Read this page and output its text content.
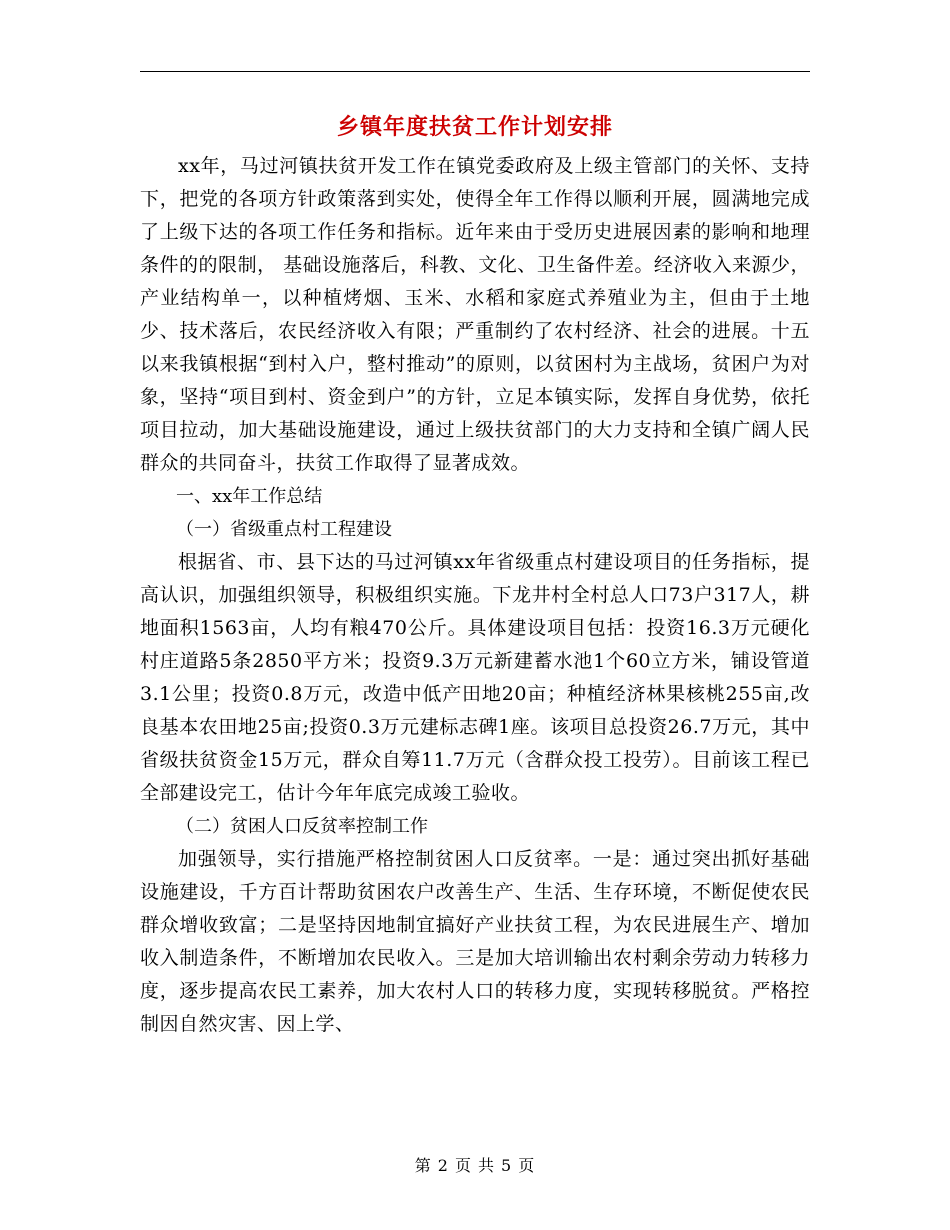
乡镇年度扶贫工作计划安排

xx年，马过河镇扶贫开发工作在镇党委政府及上级主管部门的关怀、支持下，把党的各项方针政策落到实处，使得全年工作得以顺利开展，圆满地完成了上级下达的各项工作任务和指标。近年来由于受历史进展因素的影响和地理条件的的限制， 基础设施落后，科教、文化、卫生备件差。经济收入来源少，产业结构单一，以种植烤烟、玉米、水稻和家庭式养殖业为主，但由于土地少、技术落后，农民经济收入有限；严重制约了农村经济、社会的进展。十五以来我镇根据“到村入户，整村推动”的原则，以贫困村为主战场，贫困户为对象，坚持“项目到村、资金到户”的方针，立足本镇实际，发挥自身优势，依托项目拉动，加大基础设施建设，通过上级扶贫部门的大力支持和全镇广阔人民群众的共同奋斗，扶贫工作取得了显著成效。

一、xx年工作总结

（一）省级重点村工程建设

根据省、市、县下达的马过河镇xx年省级重点村建设项目的任务指标，提高认识，加强组织领导，积极组织实施。下龙井村全村总人口73户317人，耕地面积1563亩，人均有粮470公斤。具体建设项目包括：投资16.3万元硬化村庄道路5条2850平方米；投资9.3万元新建蓄水池1个60立方米，铺设管道3.1公里；投资0.8万元，改造中低产田地20亩；种植经济林果核桃255亩,改良基本农田地25亩;投资0.3万元建标志碑1座。该项目总投资26.7万元，其中省级扶贫资金15万元，群众自筹11.7万元（含群众投工投劳）。目前该工程已全部建设完工，估计今年年底完成竣工验收。

（二）贫困人口反贫率控制工作

加强领导，实行措施严格控制贫困人口反贫率。一是：通过突出抓好基础设施建设，千方百计帮助贫困农户改善生产、生活、生存环境，不断促使农民群众增收致富；二是坚持因地制宜搞好产业扶贫工程，为农民进展生产、增加收入制造条件，不断增加农民收入。三是加大培训输出农村剩余劳动力转移力度，逐步提高农民工素养，加大农村人口的转移力度，实现转移脱贫。严格控制因自然灾害、因上学、

第 2 页 共 5 页
